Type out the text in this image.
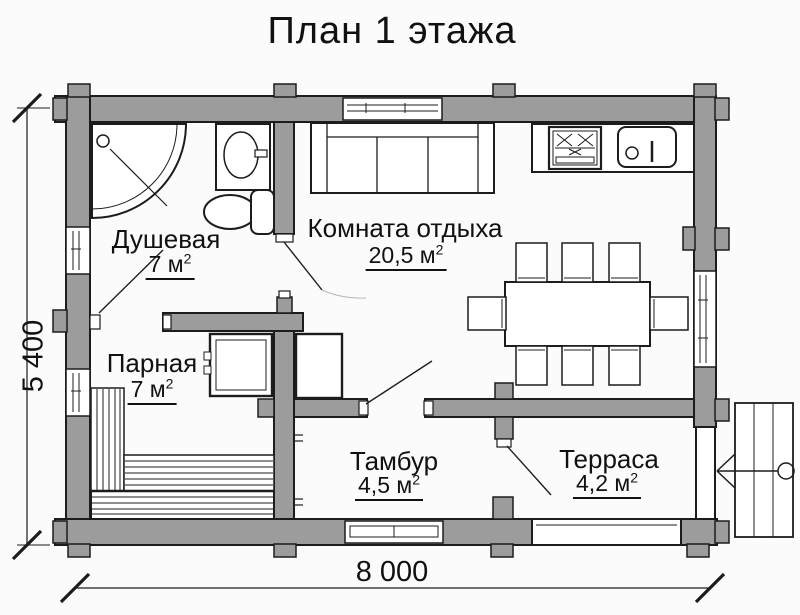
План 1 этажа
Душевая
7 $м^2$
Комната отдыха
20,5 $м^2$
Парная
7 $м^2$
Тамбур
4,5 $м^2$
Терраса
4,2 $м^2$
8 000
5 400
